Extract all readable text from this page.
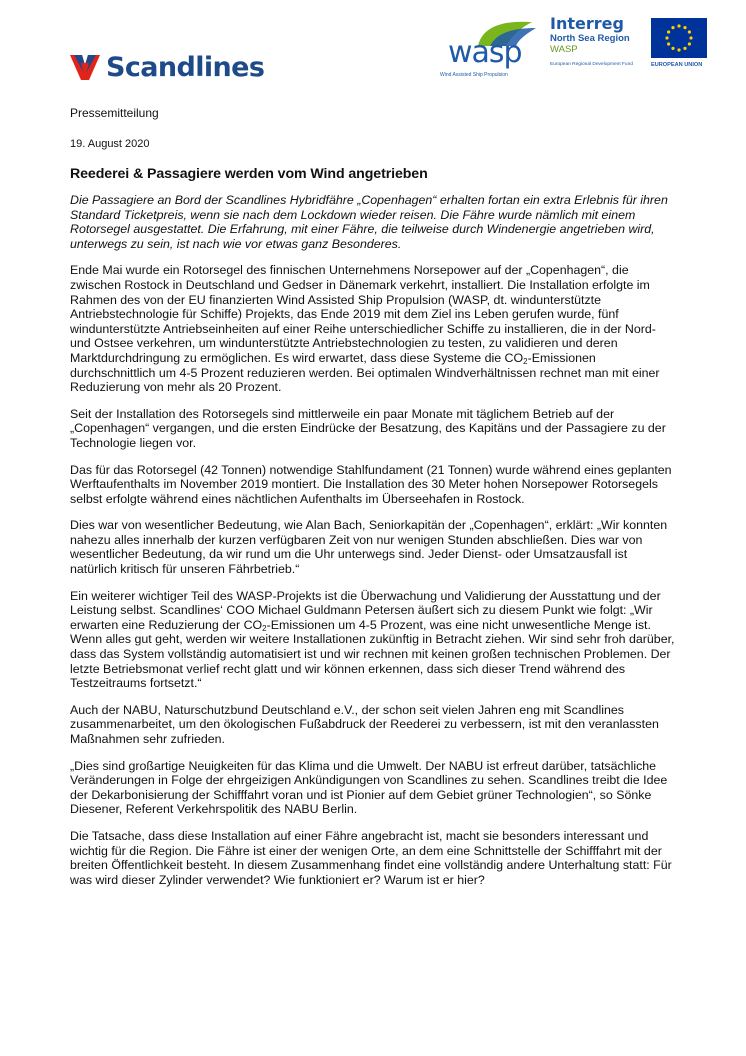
Scandlines	wasp
Wind Assisted Ship Propulsion
Interreg
North Sea Region
WASP
European Regional Development Fund	EUROPEAN UNION

Pressemitteilung

19. August 2020

Reederei & Passagiere werden vom Wind angetrieben

Die Passagiere an Bord der Scandlines Hybridfähre „Copenhagen“ erhalten fortan ein extra Erlebnis für ihren Standard Ticketpreis, wenn sie nach dem Lockdown wieder reisen. Die Fähre wurde nämlich mit einem Rotorsegel ausgestattet. Die Erfahrung, mit einer Fähre, die teilweise durch Windenergie angetrieben wird, unterwegs zu sein, ist nach wie vor etwas ganz Besonderes.

Ende Mai wurde ein Rotorsegel des finnischen Unternehmens Norsepower auf der „Copenhagen“, die zwischen Rostock in Deutschland und Gedser in Dänemark verkehrt, installiert. Die Installation erfolgte im Rahmen des von der EU finanzierten Wind Assisted Ship Propulsion (WASP, dt. windunterstützte Antriebstechnologie für Schiffe) Projekts, das Ende 2019 mit dem Ziel ins Leben gerufen wurde, fünf windunterstützte Antriebseinheiten auf einer Reihe unterschiedlicher Schiffe zu installieren, die in der Nord- und Ostsee verkehren, um windunterstützte Antriebstechnologien zu testen, zu validieren und deren Marktdurchdringung zu ermöglichen. Es wird erwartet, dass diese Systeme die $CO_2$-Emissionen durchschnittlich um 4-5 Prozent reduzieren werden. Bei optimalen Windverhältnissen rechnet man mit einer Reduzierung von mehr als 20 Prozent.

Seit der Installation des Rotorsegels sind mittlerweile ein paar Monate mit täglichem Betrieb auf der „Copenhagen“ vergangen, und die ersten Eindrücke der Besatzung, des Kapitäns und der Passagiere zu der Technologie liegen vor.

Das für das Rotorsegel (42 Tonnen) notwendige Stahlfundament (21 Tonnen) wurde während eines geplanten Werftaufenthalts im November 2019 montiert. Die Installation des 30 Meter hohen Norsepower Rotorsegels selbst erfolgte während eines nächtlichen Aufenthalts im Überseehafen in Rostock.

Dies war von wesentlicher Bedeutung, wie Alan Bach, Seniorkapitän der „Copenhagen“, erklärt: „Wir konnten nahezu alles innerhalb der kurzen verfügbaren Zeit von nur wenigen Stunden abschließen. Dies war von wesentlicher Bedeutung, da wir rund um die Uhr unterwegs sind. Jeder Dienst- oder Umsatzausfall ist natürlich kritisch für unseren Fährbetrieb.“

Ein weiterer wichtiger Teil des WASP-Projekts ist die Überwachung und Validierung der Ausstattung und der Leistung selbst. Scandlines‘ COO Michael Guldmann Petersen äußert sich zu diesem Punkt wie folgt: „Wir erwarten eine Reduzierung der $CO_2$-Emissionen um 4-5 Prozent, was eine nicht unwesentliche Menge ist. Wenn alles gut geht, werden wir weitere Installationen zukünftig in Betracht ziehen. Wir sind sehr froh darüber, dass das System vollständig automatisiert ist und wir rechnen mit keinen großen technischen Problemen. Der letzte Betriebsmonat verlief recht glatt und wir können erkennen, dass sich dieser Trend während des Testzeitraums fortsetzt.“

Auch der NABU, Naturschutzbund Deutschland e.V., der schon seit vielen Jahren eng mit Scandlines zusammenarbeitet, um den ökologischen Fußabdruck der Reederei zu verbessern, ist mit den veranlassten Maßnahmen sehr zufrieden.

„Dies sind großartige Neuigkeiten für das Klima und die Umwelt. Der NABU ist erfreut darüber, tatsächliche Veränderungen in Folge der ehrgeizigen Ankündigungen von Scandlines zu sehen. Scandlines treibt die Idee der Dekarbonisierung der Schifffahrt voran und ist Pionier auf dem Gebiet grüner Technologien“, so Sönke Diesener, Referent Verkehrspolitik des NABU Berlin.

Die Tatsache, dass diese Installation auf einer Fähre angebracht ist, macht sie besonders interessant und wichtig für die Region. Die Fähre ist einer der wenigen Orte, an dem eine Schnittstelle der Schifffahrt mit der breiten Öffentlichkeit besteht. In diesem Zusammenhang findet eine vollständig andere Unterhaltung statt: Für was wird dieser Zylinder verwendet? Wie funktioniert er? Warum ist er hier?
